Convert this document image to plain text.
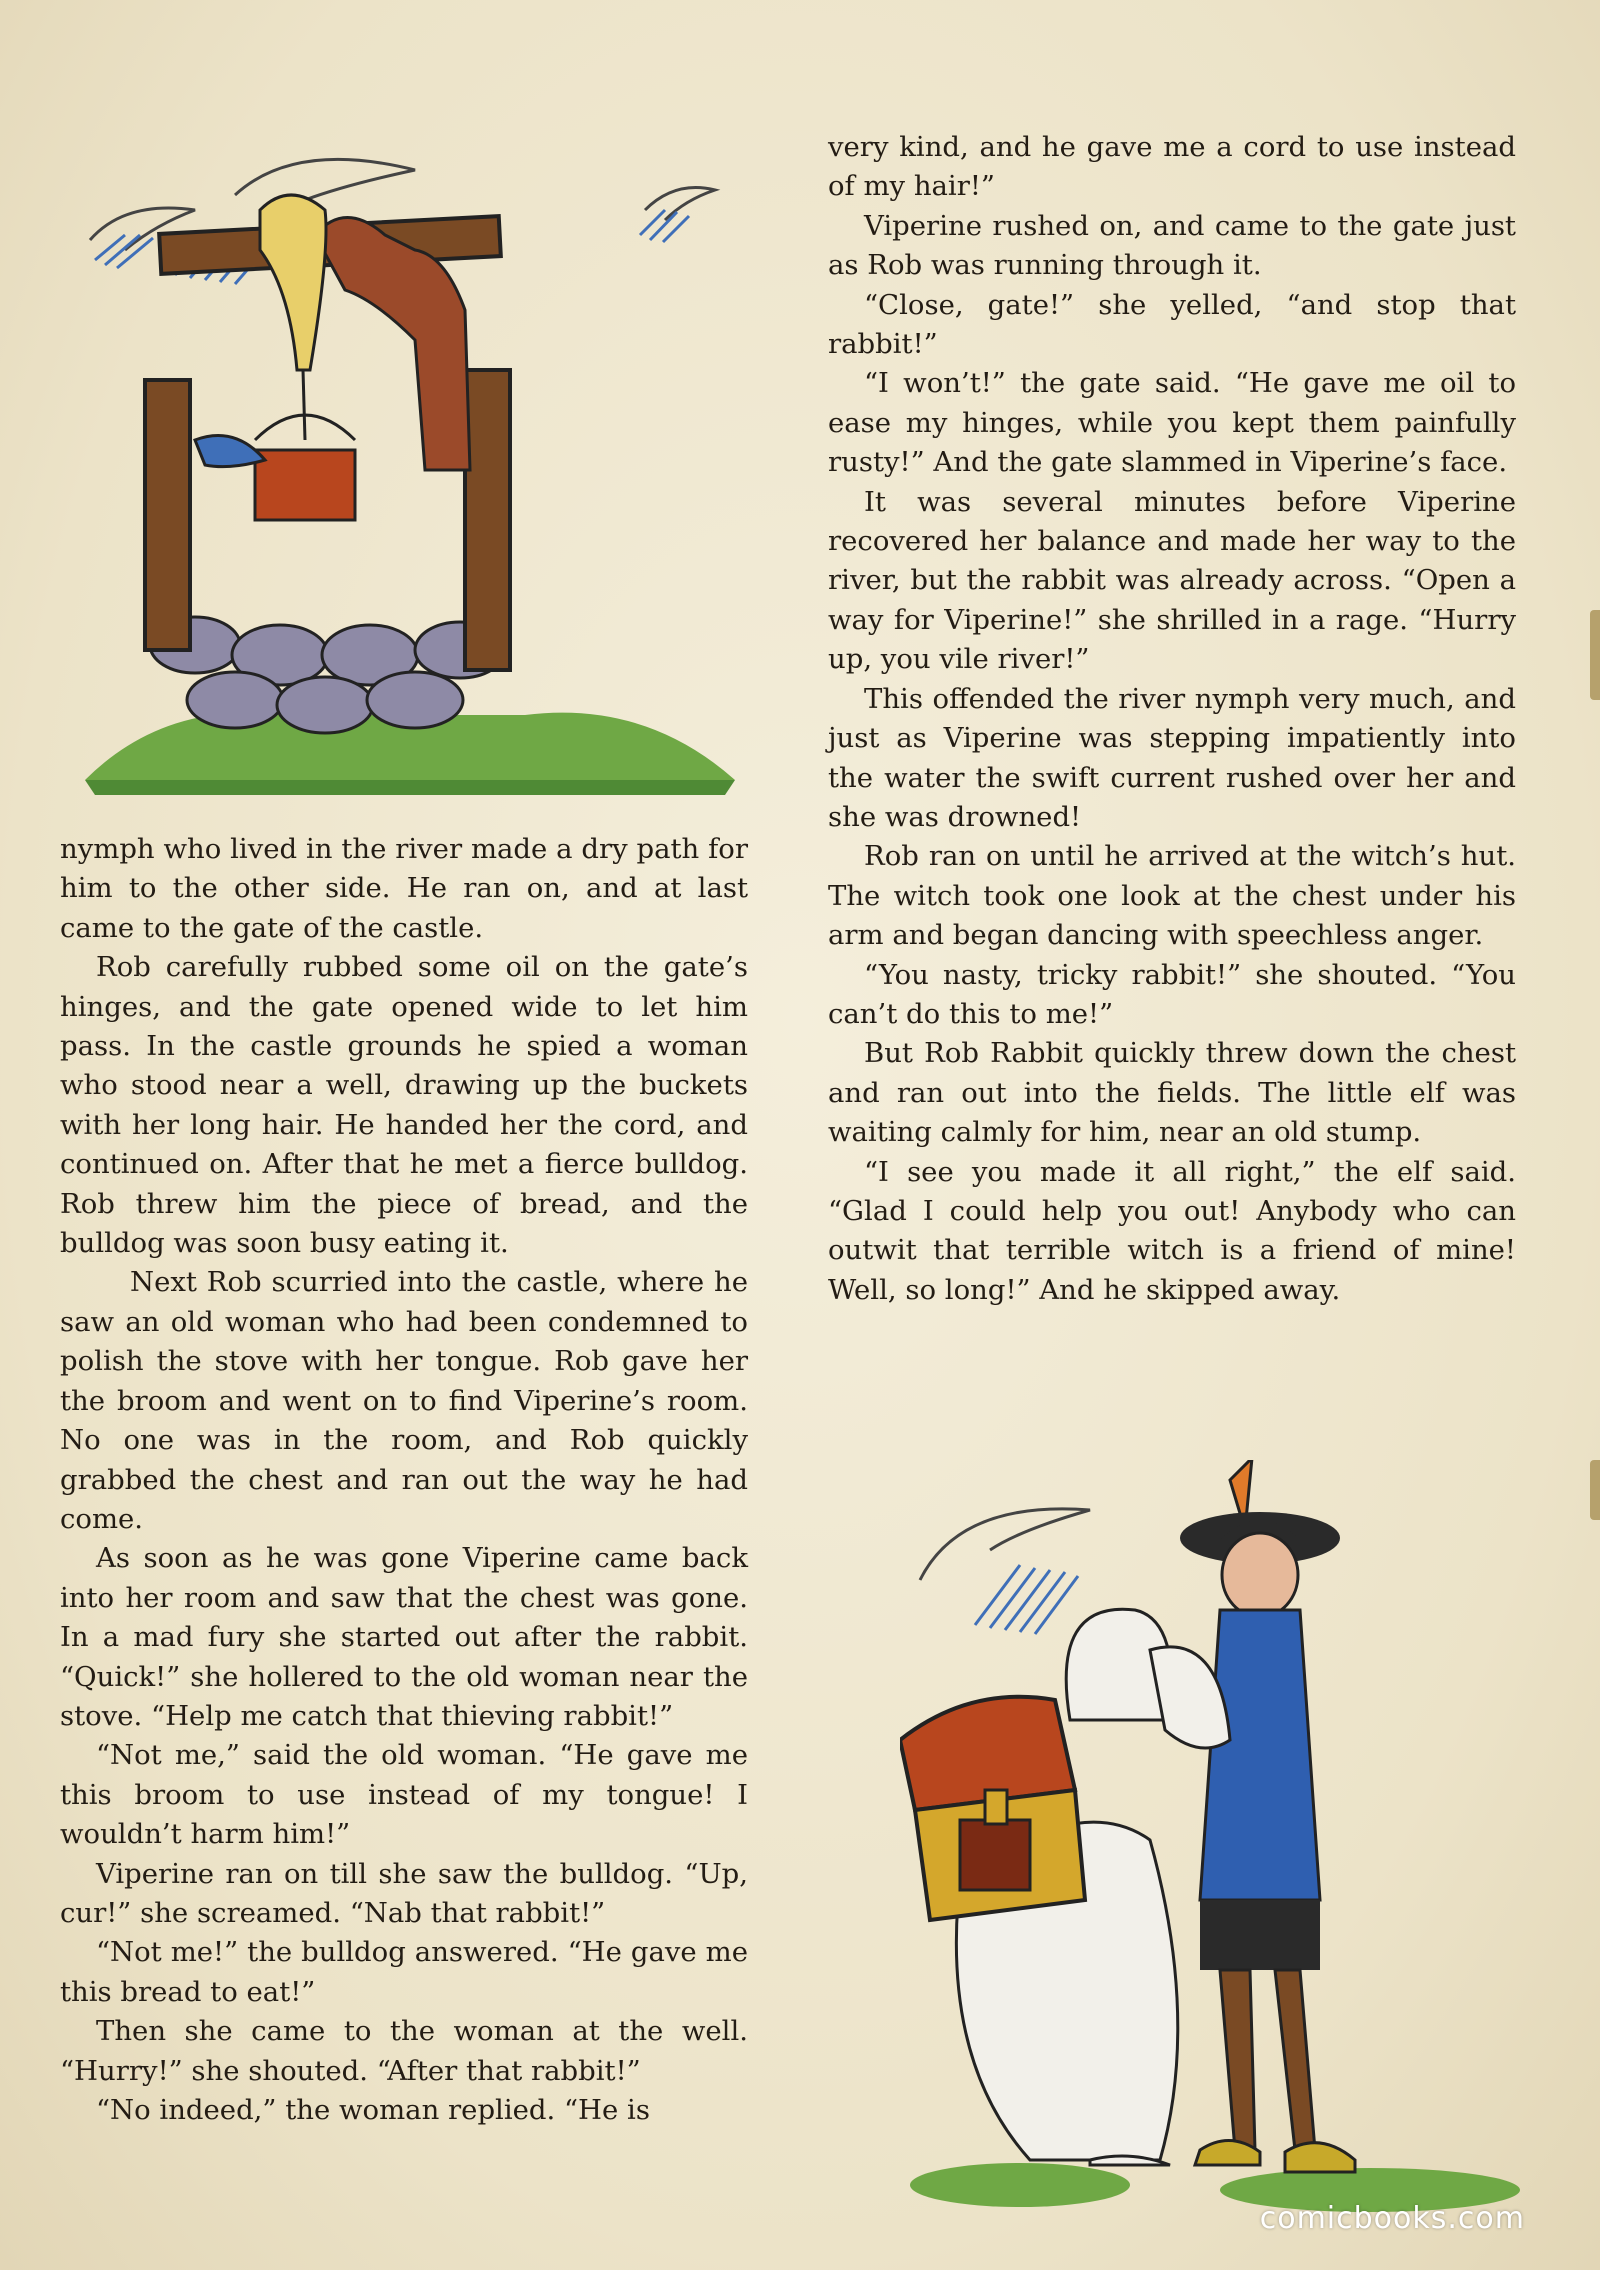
nymph who lived in the river made a dry path for him to the other side. He ran on, and at last came to the gate of the castle.

Rob carefully rubbed some oil on the gate’s hinges, and the gate opened wide to let him pass. In the castle grounds he spied a woman who stood near a well, drawing up the buckets with her long hair. He handed her the cord, and continued on. After that he met a fierce bulldog. Rob threw him the piece of bread, and the bulldog was soon busy eating it.

Next Rob scurried into the castle, where he saw an old woman who had been condemned to polish the stove with her tongue. Rob gave her the broom and went on to find Viperine’s room. No one was in the room, and Rob quickly grabbed the chest and ran out the way he had come.

As soon as he was gone Viperine came back into her room and saw that the chest was gone. In a mad fury she started out after the rabbit. “Quick!” she hollered to the old woman near the stove. “Help me catch that thieving rabbit!”

“Not me,” said the old woman. “He gave me this broom to use instead of my tongue! I wouldn’t harm him!”

Viperine ran on till she saw the bulldog. “Up, cur!” she screamed. “Nab that rabbit!”

“Not me!” the bulldog answered. “He gave me this bread to eat!”

Then she came to the woman at the well. “Hurry!” she shouted. “After that rabbit!”

“No indeed,” the woman replied. “He is

very kind, and he gave me a cord to use instead of my hair!”

Viperine rushed on, and came to the gate just as Rob was running through it.

“Close, gate!” she yelled, “and stop that rabbit!”

“I won’t!” the gate said. “He gave me oil to ease my hinges, while you kept them painfully rusty!” And the gate slammed in Viperine’s face.

It was several minutes before Viperine recovered her balance and made her way to the river, but the rabbit was already across. “Open a way for Viperine!” she shrilled in a rage. “Hurry up, you vile river!”

This offended the river nymph very much, and just as Viperine was stepping impatiently into the water the swift current rushed over her and she was drowned!

Rob ran on until he arrived at the witch’s hut. The witch took one look at the chest under his arm and began dancing with speechless anger.

“You nasty, tricky rabbit!” she shouted. “You can’t do this to me!”

But Rob Rabbit quickly threw down the chest and ran out into the fields. The little elf was waiting calmly for him, near an old stump.

“I see you made it all right,” the elf said. “Glad I could help you out! Anybody who can outwit that terrible witch is a friend of mine! Well, so long!” And he skipped away.

comicbooks.com
